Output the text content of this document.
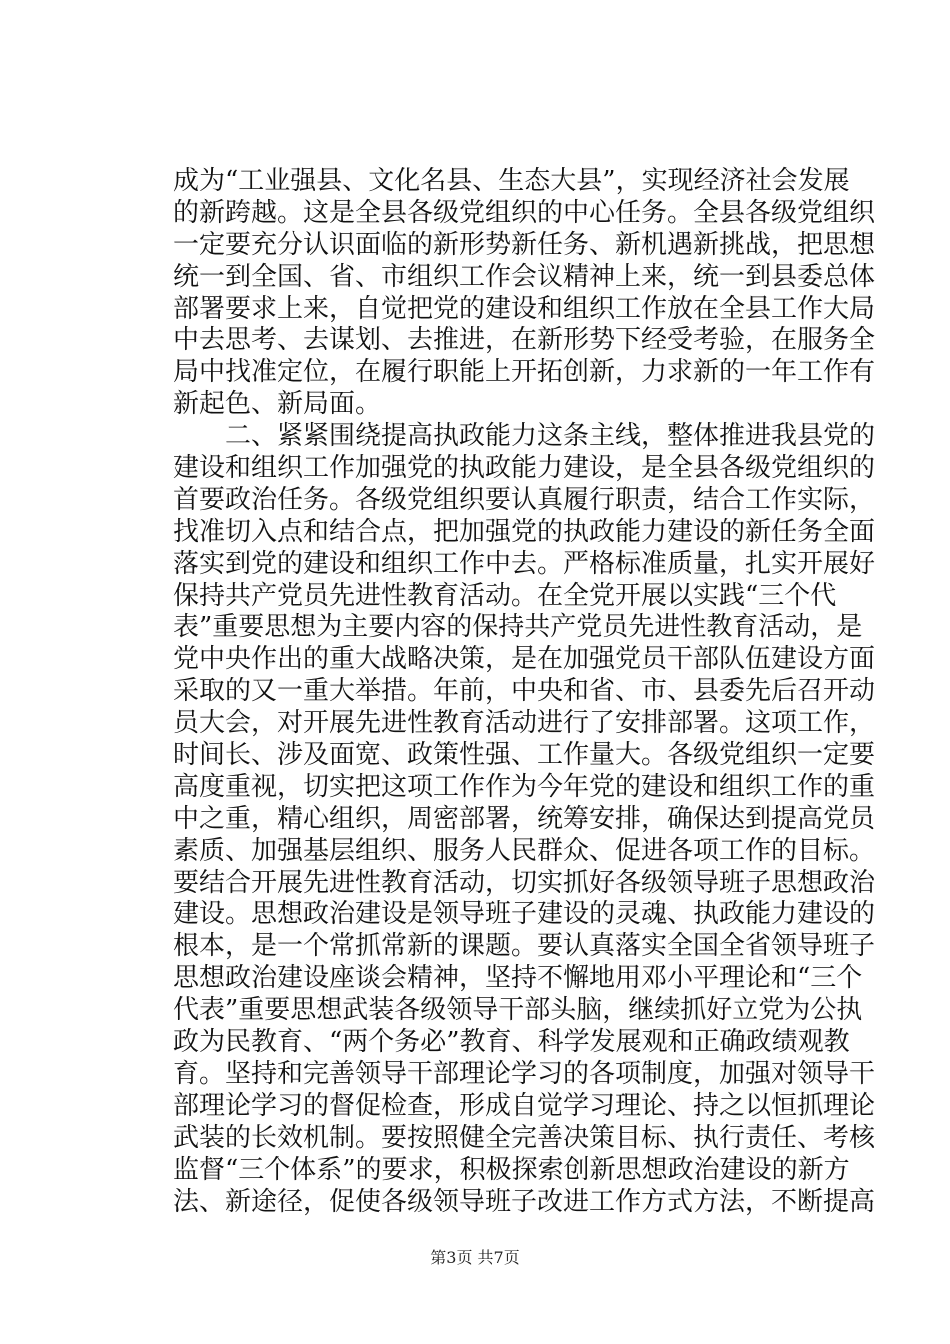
成为“工业强县、文化名县、生态大县”，实现经济社会发展
的新跨越。这是全县各级党组织的中心任务。全县各级党组织
一定要充分认识面临的新形势新任务、新机遇新挑战，把思想
统一到全国、省、市组织工作会议精神上来，统一到县委总体
部署要求上来，自觉把党的建设和组织工作放在全县工作大局
中去思考、去谋划、去推进，在新形势下经受考验，在服务全
局中找准定位，在履行职能上开拓创新，力求新的一年工作有
新起色、新局面。
　　二、紧紧围绕提高执政能力这条主线，整体推进我县党的
建设和组织工作加强党的执政能力建设，是全县各级党组织的
首要政治任务。各级党组织要认真履行职责，结合工作实际，
找准切入点和结合点，把加强党的执政能力建设的新任务全面
落实到党的建设和组织工作中去。严格标准质量，扎实开展好
保持共产党员先进性教育活动。在全党开展以实践“三个代
表”重要思想为主要内容的保持共产党员先进性教育活动，是
党中央作出的重大战略决策，是在加强党员干部队伍建设方面
采取的又一重大举措。年前，中央和省、市、县委先后召开动
员大会，对开展先进性教育活动进行了安排部署。这项工作，
时间长、涉及面宽、政策性强、工作量大。各级党组织一定要
高度重视，切实把这项工作作为今年党的建设和组织工作的重
中之重，精心组织，周密部署，统筹安排，确保达到提高党员
素质、加强基层组织、服务人民群众、促进各项工作的目标。
要结合开展先进性教育活动，切实抓好各级领导班子思想政治
建设。思想政治建设是领导班子建设的灵魂、执政能力建设的
根本，是一个常抓常新的课题。要认真落实全国全省领导班子
思想政治建设座谈会精神，坚持不懈地用邓小平理论和“三个
代表”重要思想武装各级领导干部头脑，继续抓好立党为公执
政为民教育、“两个务必”教育、科学发展观和正确政绩观教
育。坚持和完善领导干部理论学习的各项制度，加强对领导干
部理论学习的督促检查，形成自觉学习理论、持之以恒抓理论
武装的长效机制。要按照健全完善决策目标、执行责任、考核
监督“三个体系”的要求，积极探索创新思想政治建设的新方
法、新途径，促使各级领导班子改进工作方式方法，不断提高
第3页 共7页
